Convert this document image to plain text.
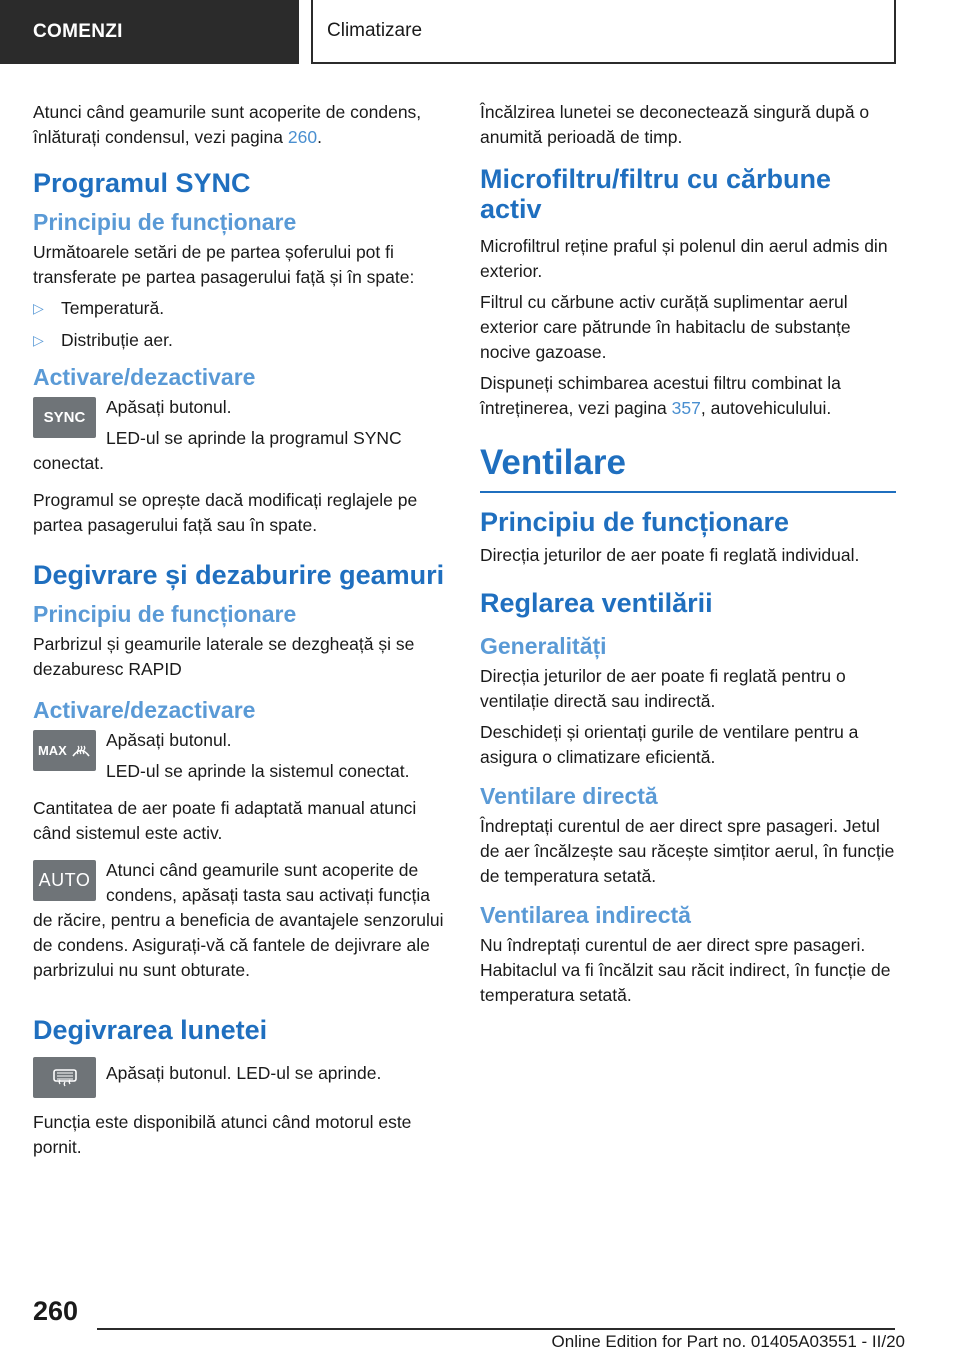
COMENZI	Climatizare

Atunci când geamurile sunt acoperite de condens, înlăturați condensul, vezi pagina 260.

Programul SYNC
Principiu de funcționare

Următoarele setări de pe partea șoferului pot fi transferate pe partea pasagerului față și în spate:

▷ Temperatură.
▷ Distribuție aer.
Activare/dezactivare
SYNC

Apăsați butonul.

LED-ul se aprinde la programul SYNC conectat.

Programul se oprește dacă modificați reglajele pe partea pasagerului față sau în spate.

Degivrare și dezaburire geamuri
Principiu de funcționare

Parbrizul și geamurile laterale se dezgheață și se dezaburesc RAPID

Activare/dezactivare
MAX

Apăsați butonul.

LED-ul se aprinde la sistemul conectat.

Cantitatea de aer poate fi adaptată manual atunci când sistemul este activ.

AUTO Atunci când geamurile sunt acoperite de condens, apăsați tasta sau activați funcția de răcire, pentru a beneficia de avantajele senzorului de condens. Asigurați-vă că fantele de dejivrare ale parbrizului nu sunt obturate.

Degivrarea lunetei

Apăsați butonul. LED-ul se aprinde.

Funcția este disponibilă atunci când motorul este pornit.

Încălzirea lunetei se deconectează singură după o anumită perioadă de timp.

Microfiltru/filtru cu cărbune activ

Microfiltrul reține praful și polenul din aerul admis din exterior.

Filtrul cu cărbune activ curăță suplimentar aerul exterior care pătrunde în habitaclu de substanțe nocive gazoase.

Dispuneți schimbarea acestui filtru combinat la întreținerea, vezi pagina 357, autovehiculului.

Ventilare
Principiu de funcționare

Direcția jeturilor de aer poate fi reglată individual.

Reglarea ventilării
Generalități

Direcția jeturilor de aer poate fi reglată pentru o ventilație directă sau indirectă.

Deschideți și orientați gurile de ventilare pentru a asigura o climatizare eficientă.

Ventilare directă

Îndreptați curentul de aer direct spre pasageri. Jetul de aer încălzește sau răcește simțitor aerul, în funcție de temperatura setată.

Ventilarea indirectă

Nu îndreptați curentul de aer direct spre pasageri. Habitaclul va fi încălzit sau răcit indirect, în funcție de temperatura setată.

260
Online Edition for Part no. 01405A03551 - II/20
